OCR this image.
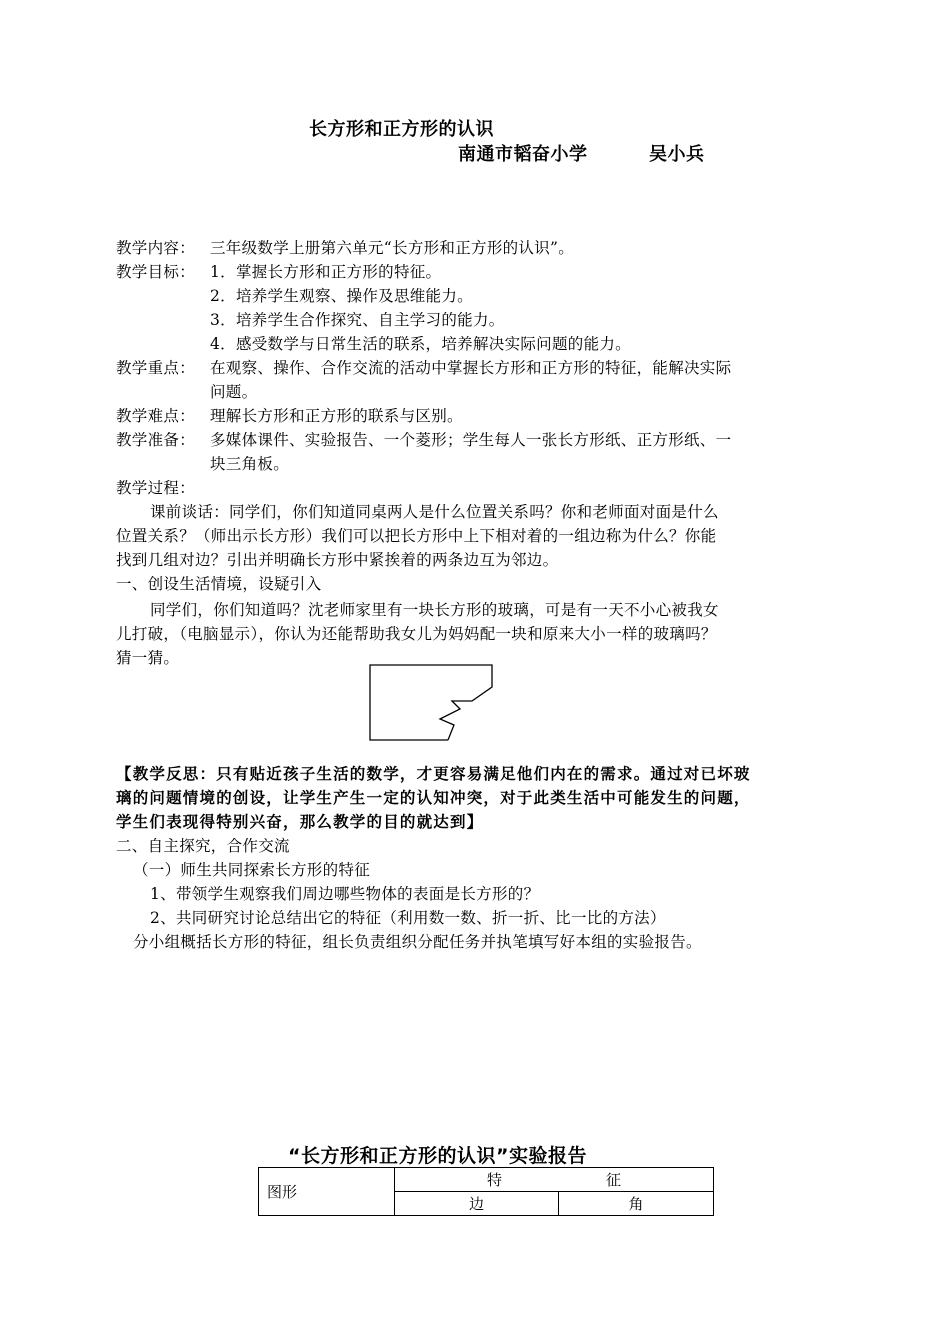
长方形和正方形的认识
南通市韬奋小学	吴小兵
教学内容： 三年级数学上册第六单元“长方形和正方形的认识”。
教学目标： 1．掌握长方形和正方形的特征。
2．培养学生观察、操作及思维能力。
3．培养学生合作探究、自主学习的能力。
4．感受数学与日常生活的联系，培养解决实际问题的能力。
教学重点： 在观察、操作、合作交流的活动中掌握长方形和正方形的特征，能解决实际
问题。
教学难点： 理解长方形和正方形的联系与区别。
教学准备： 多媒体课件、实验报告、一个菱形；学生每人一张长方形纸、正方形纸、一
块三角板。
教学过程：
课前谈话：同学们，你们知道同桌两人是什么位置关系吗？你和老师面对面是什么
位置关系？（师出示长方形）我们可以把长方形中上下相对着的一组边称为什么？你能
找到几组对边？引出并明确长方形中紧挨着的两条边互为邻边。
一、创设生活情境，设疑引入
同学们，你们知道吗？沈老师家里有一块长方形的玻璃，可是有一天不小心被我女
儿打破，（电脑显示），你认为还能帮助我女儿为妈妈配一块和原来大小一样的玻璃吗？
猜一猜。
【教学反思：只有贴近孩子生活的数学，才更容易满足他们内在的需求。通过对已坏玻
璃的问题情境的创设，让学生产生一定的认知冲突，对于此类生活中可能发生的问题，
学生们表现得特别兴奋，那么教学的目的就达到】
二、自主探究，合作交流
（一）师生共同探索长方形的特征
1、带领学生观察我们周边哪些物体的表面是长方形的？
2、共同研究讨论总结出它的特征（利用数一数、折一折、比一比的方法）
分小组概括长方形的特征，组长负责组织分配任务并执笔填写好本组的实验报告。
“长方形和正方形的认识”实验报告
图形	特 征	

	边	角
